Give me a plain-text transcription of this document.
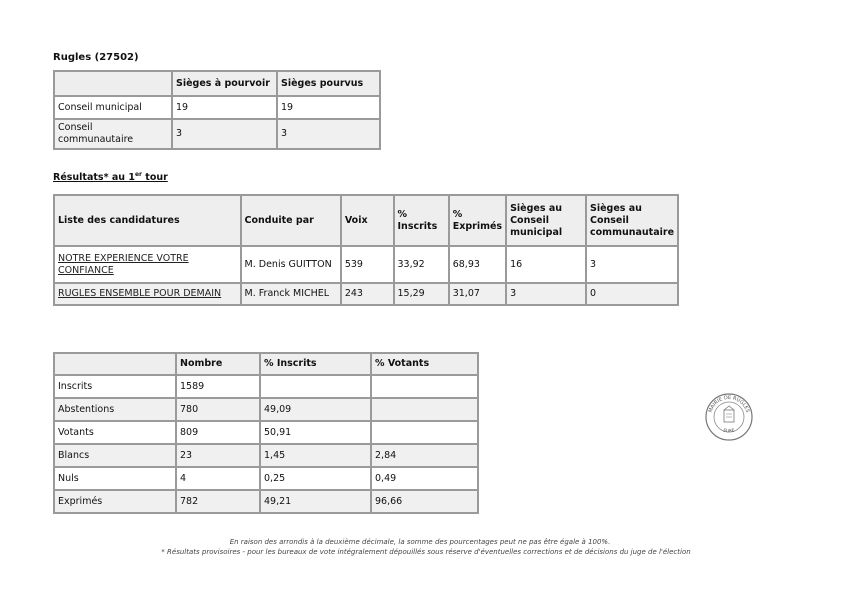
Rugles (27502)
	Sièges à pourvoir	Sièges pourvus
Conseil municipal	19	19
Conseil communautaire	3	3
Résultats* au 1er tour
Liste des candidatures	Conduite par	Voix	% Inscrits	% Exprimés	Sièges au Conseil municipal	Sièges au Conseil communautaire
NOTRE EXPERIENCE VOTRE CONFIANCE	M. Denis GUITTON	539	33,92	68,93	16	3
RUGLES ENSEMBLE POUR DEMAIN	M. Franck MICHEL	243	15,29	31,07	3	0
	Nombre	% Inscrits	% Votants
Inscrits	1589		
Abstentions	780	49,09	
Votants	809	50,91	
Blancs	23	1,45	2,84
Nuls	4	0,25	0,49
Exprimés	782	49,21	96,66
MAIRIE DE RUGLES
EURE
En raison des arrondis à la deuxième décimale, la somme des pourcentages peut ne pas être égale à 100%.
* Résultats provisoires - pour les bureaux de vote intégralement dépouillés sous réserve d'éventuelles corrections et de décisions du juge de l'élection
